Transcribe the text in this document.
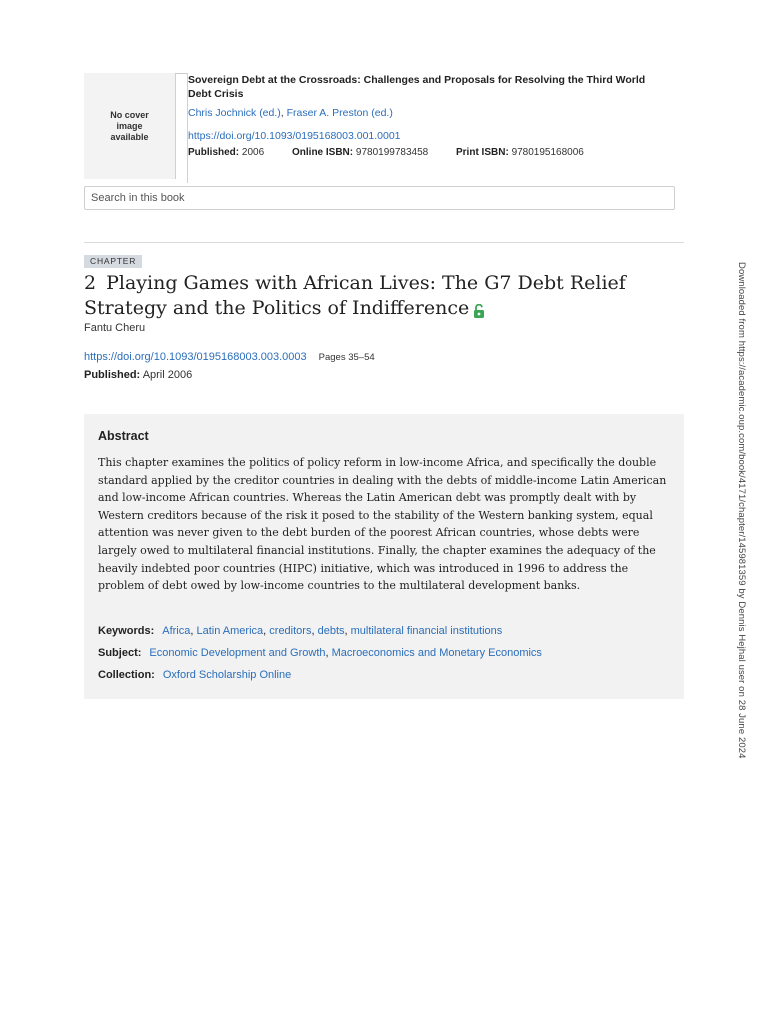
No cover image available
Sovereign Debt at the Crossroads: Challenges and Proposals for Resolving the Third World Debt Crisis
Chris Jochnick (ed.), Fraser A. Preston (ed.)
https://doi.org/10.1093/0195168003.001.0001
Published: 2006	Online ISBN: 9780199783458	Print ISBN: 9780195168006
Search in this book
CHAPTER
2 Playing Games with African Lives: The G7 Debt Relief Strategy and the Politics of Indifference
Fantu Cheru
https://doi.org/10.1093/0195168003.003.0003 Pages 35–54
Published: April 2006
Abstract
This chapter examines the politics of policy reform in low-income Africa, and specifically the double standard applied by the creditor countries in dealing with the debts of middle-income Latin American and low-income African countries. Whereas the Latin American debt was promptly dealt with by Western creditors because of the risk it posed to the stability of the Western banking system, equal attention was never given to the debt burden of the poorest African countries, whose debts were largely owed to multilateral financial institutions. Finally, the chapter examines the adequacy of the heavily indebted poor countries (HIPC) initiative, which was introduced in 1996 to address the problem of debt owed by low-income countries to the multilateral development banks.
Keywords: Africa, Latin America, creditors, debts, multilateral financial institutions
Subject: Economic Development and Growth, Macroeconomics and Monetary Economics
Collection: Oxford Scholarship Online	Downloaded from https://academic.oup.com/book/4171/chapter/145981359 by Dennis Hejhal user on 28 June 2024
